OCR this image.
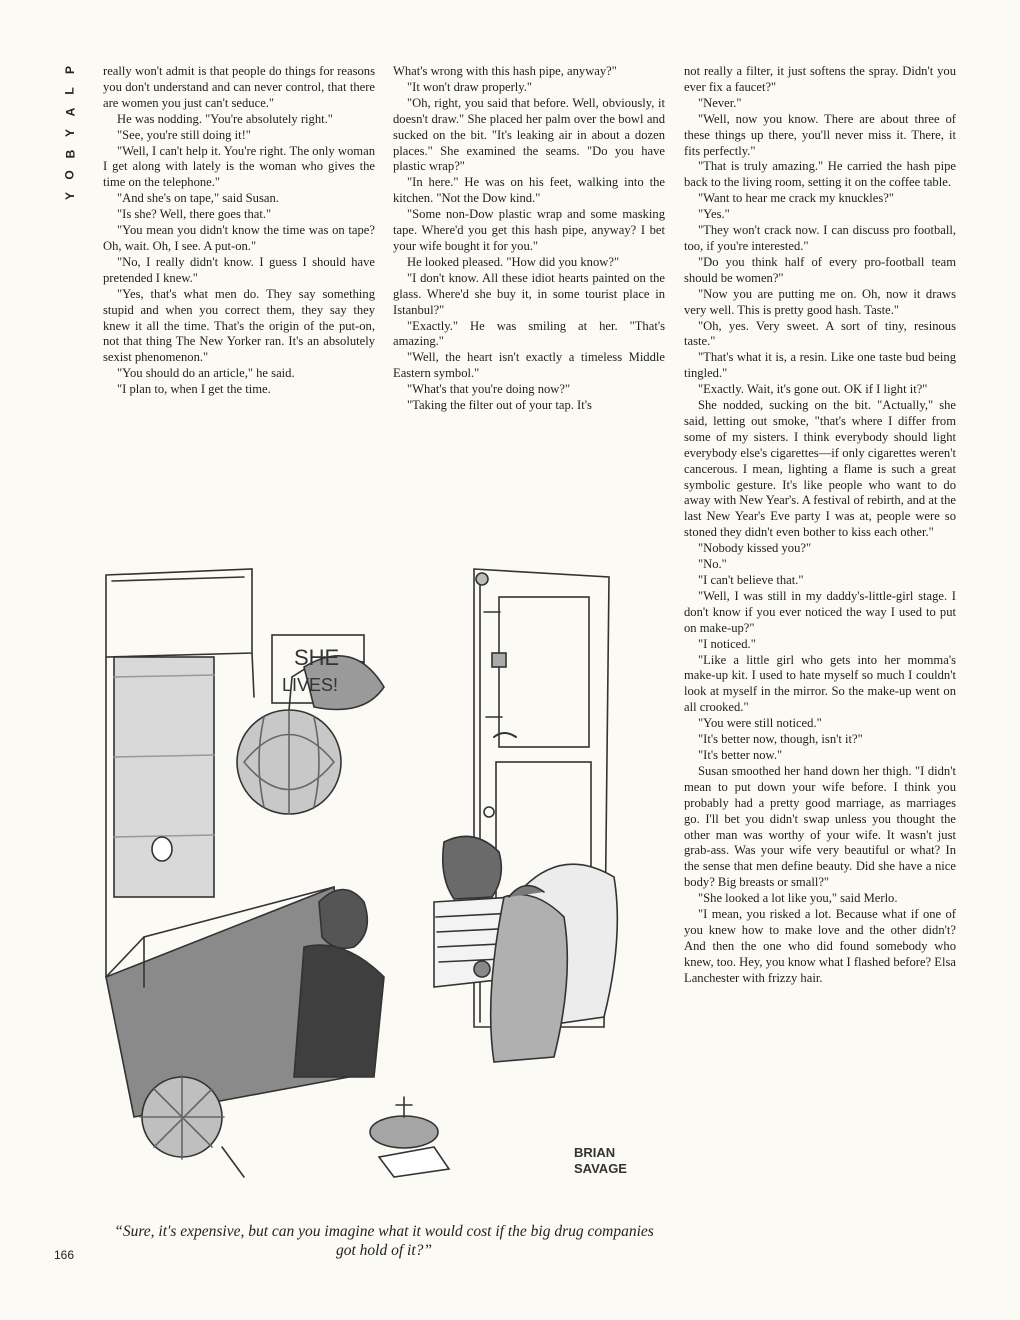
P
L
A
Y
B
O
Y

really won't admit is that people do things for reasons you don't understand and can never control, that there are women you just can't seduce."

He was nodding. "You're absolutely right."

"See, you're still doing it!"

"Well, I can't help it. You're right. The only woman I get along with lately is the woman who gives the time on the telephone."

"And she's on tape," said Susan.

"Is she? Well, there goes that."

"You mean you didn't know the time was on tape? Oh, wait. Oh, I see. A put-on."

"No, I really didn't know. I guess I should have pretended I knew."

"Yes, that's what men do. They say something stupid and when you correct them, they say they knew it all the time. That's the origin of the put-on, not that thing The New Yorker ran. It's an absolutely sexist phenomenon."

"You should do an article," he said.

"I plan to, when I get the time.

What's wrong with this hash pipe, anyway?"

"It won't draw properly."

"Oh, right, you said that before. Well, obviously, it doesn't draw." She placed her palm over the bowl and sucked on the bit. "It's leaking air in about a dozen places." She examined the seams. "Do you have plastic wrap?"

"In here." He was on his feet, walking into the kitchen. "Not the Dow kind."

"Some non-Dow plastic wrap and some masking tape. Where'd you get this hash pipe, anyway? I bet your wife bought it for you."

He looked pleased. "How did you know?"

"I don't know. All these idiot hearts painted on the glass. Where'd she buy it, in some tourist place in Istanbul?"

"Exactly." He was smiling at her. "That's amazing."

"Well, the heart isn't exactly a timeless Middle Eastern symbol."

"What's that you're doing now?"

"Taking the filter out of your tap. It's

not really a filter, it just softens the spray. Didn't you ever fix a faucet?"

"Never."

"Well, now you know. There are about three of these things up there, you'll never miss it. There, it fits perfectly."

"That is truly amazing." He carried the hash pipe back to the living room, setting it on the coffee table.

"Want to hear me crack my knuckles?"

"Yes."

"They won't crack now. I can discuss pro football, too, if you're interested."

"Do you think half of every pro-football team should be women?"

"Now you are putting me on. Oh, now it draws very well. This is pretty good hash. Taste."

"Oh, yes. Very sweet. A sort of tiny, resinous taste."

"That's what it is, a resin. Like one taste bud being tingled."

"Exactly. Wait, it's gone out. OK if I light it?"

She nodded, sucking on the bit. "Actually," she said, letting out smoke, "that's where I differ from some of my sisters. I think everybody should light everybody else's cigarettes—if only cigarettes weren't cancerous. I mean, lighting a flame is such a great symbolic gesture. It's like people who want to do away with New Year's. A festival of rebirth, and at the last New Year's Eve party I was at, people were so stoned they didn't even bother to kiss each other."

"Nobody kissed you?"

"No."

"I can't believe that."

"Well, I was still in my daddy's-little-girl stage. I don't know if you ever noticed the way I used to put on make-up?"

"I noticed."

"Like a little girl who gets into her momma's make-up kit. I used to hate myself so much I couldn't look at myself in the mirror. So the make-up went on all crooked."

"You were still noticed."

"It's better now, though, isn't it?"

"It's better now."

Susan smoothed her hand down her thigh. "I didn't mean to put down your wife before. I think you probably had a pretty good marriage, as marriages go. I'll bet you didn't swap unless you thought the other man was worthy of your wife. It wasn't just grab-ass. Was your wife very beautiful or what? In the sense that men define beauty. Did she have a nice body? Big breasts or small?"

"She looked a lot like you," said Merlo.

"I mean, you risked a lot. Because what if one of you knew how to make love and the other didn't? And then the one who did found somebody who knew, too. Hey, you know what I flashed before? Elsa Lanchester with frizzy hair.

SHE
LIVES!
BRIAN
SAVAGE
“Sure, it's expensive, but can you imagine what it would cost if the big drug companies got hold of it?”
166
